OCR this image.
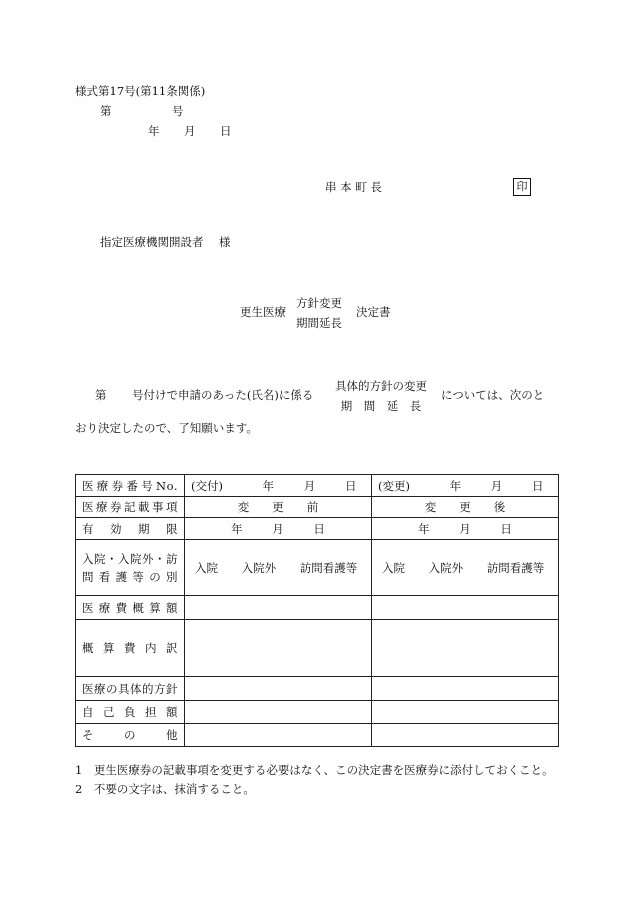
様式第17号(第11条関係)
第	号
年 月 日
串 本 町 長	印
指定医療機関開設者 様
更生医療
方針変更
期間延長
決定書
第 号付けで申請のあった(氏名)に係る
具体的方針の変更
期　間　延　長
については、次のと
おり決定したので、了知願います。
医療券番号No.	(交付) 年 月 日	(変更) 年 月 日
医療券記載事項	変　　更　　前	変　　更　　後
有効期限	年 月 日	年 月 日
入院・入院外・訪問看護等の別	入院 入院外 訪問看護等	入院 入院外 訪問看護等
医療費概算額		
概算費内訳		
医療の具体的方針		
自己負担額		
その他		
1　更生医療券の記載事項を変更する必要はなく、この決定書を医療券に添付しておくこと。
2　不要の文字は、抹消すること。
